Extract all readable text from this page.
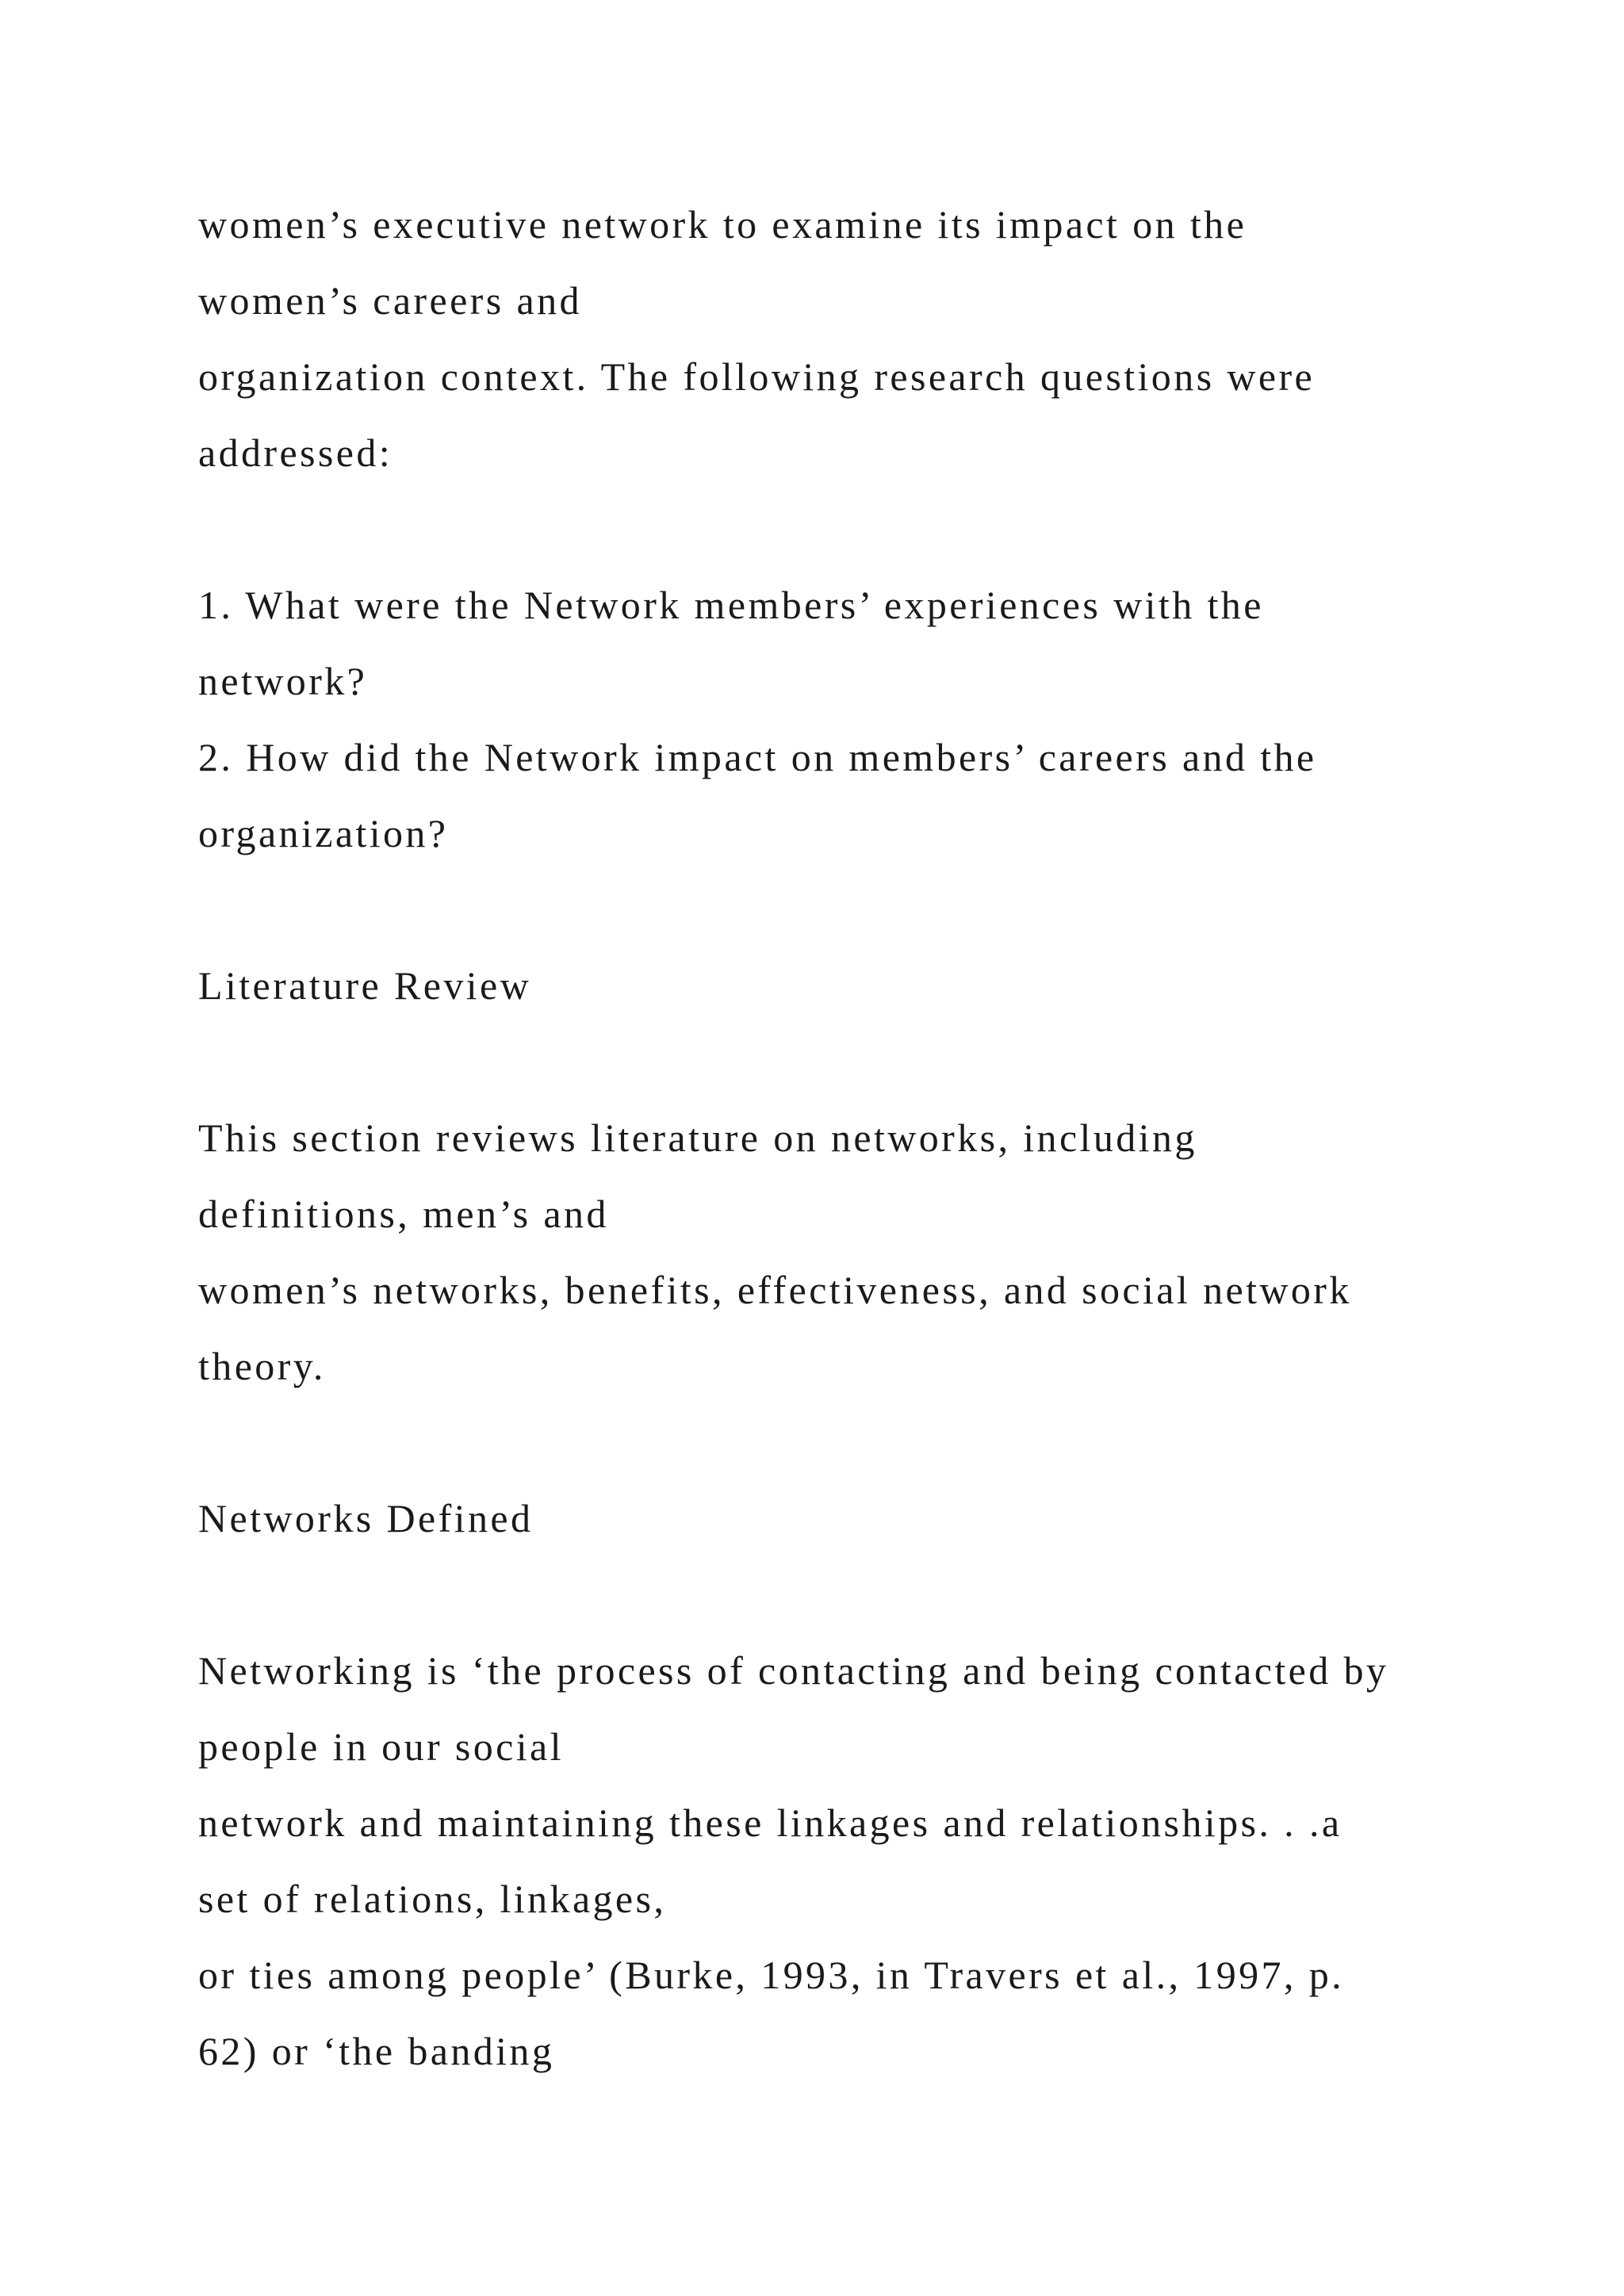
women’s executive network to examine its impact on the
women’s careers and
organization context. The following research questions were
addressed:
1. What were the Network members’ experiences with the
network?
2. How did the Network impact on members’ careers and the
organization?
Literature Review
This section reviews literature on networks, including
definitions, men’s and
women’s networks, benefits, effectiveness, and social network
theory.
Networks Defined
Networking is ‘the process of contacting and being contacted by
people in our social
network and maintaining these linkages and relationships. . .a
set of relations, linkages,
or ties among people’ (Burke, 1993, in Travers et al., 1997, p.
62) or ‘the banding
